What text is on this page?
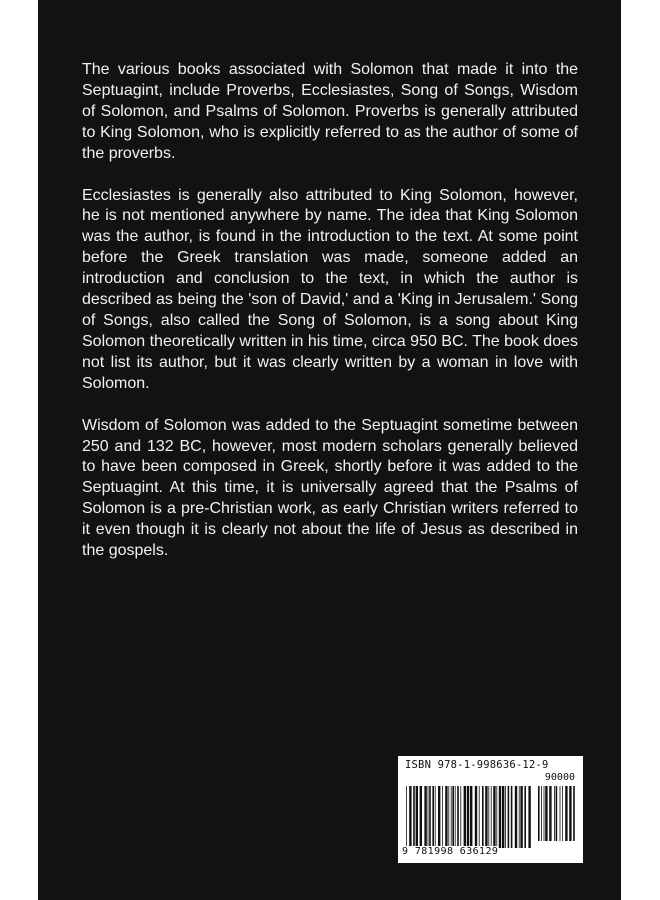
The various books associated with Solomon that made it into the Septuagint, include Proverbs, Ecclesiastes, Song of Songs, Wisdom of Solomon, and Psalms of Solomon. Proverbs is generally attributed to King Solomon, who is explicitly referred to as the author of some of the proverbs.

Ecclesiastes is generally also attributed to King Solomon, however, he is not mentioned anywhere by name. The idea that King Solomon was the author, is found in the introduction to the text. At some point before the Greek translation was made, someone added an introduction and conclusion to the text, in which the author is described as being the 'son of David,' and a 'King in Jerusalem.' Song of Songs, also called the Song of Solomon, is a song about King Solomon theoretically written in his time, circa 950 BC. The book does not list its author, but it was clearly written by a woman in love with Solomon.

Wisdom of Solomon was added to the Septuagint sometime between 250 and 132 BC, however, most modern scholars generally believed to have been composed in Greek, shortly before it was added to the Septuagint. At this time, it is universally agreed that the Psalms of Solomon is a pre-Christian work, as early Christian writers referred to it even though it is clearly not about the life of Jesus as described in the gospels.

ISBN 978-1-998636-12-9
90000
9 781998 636129
